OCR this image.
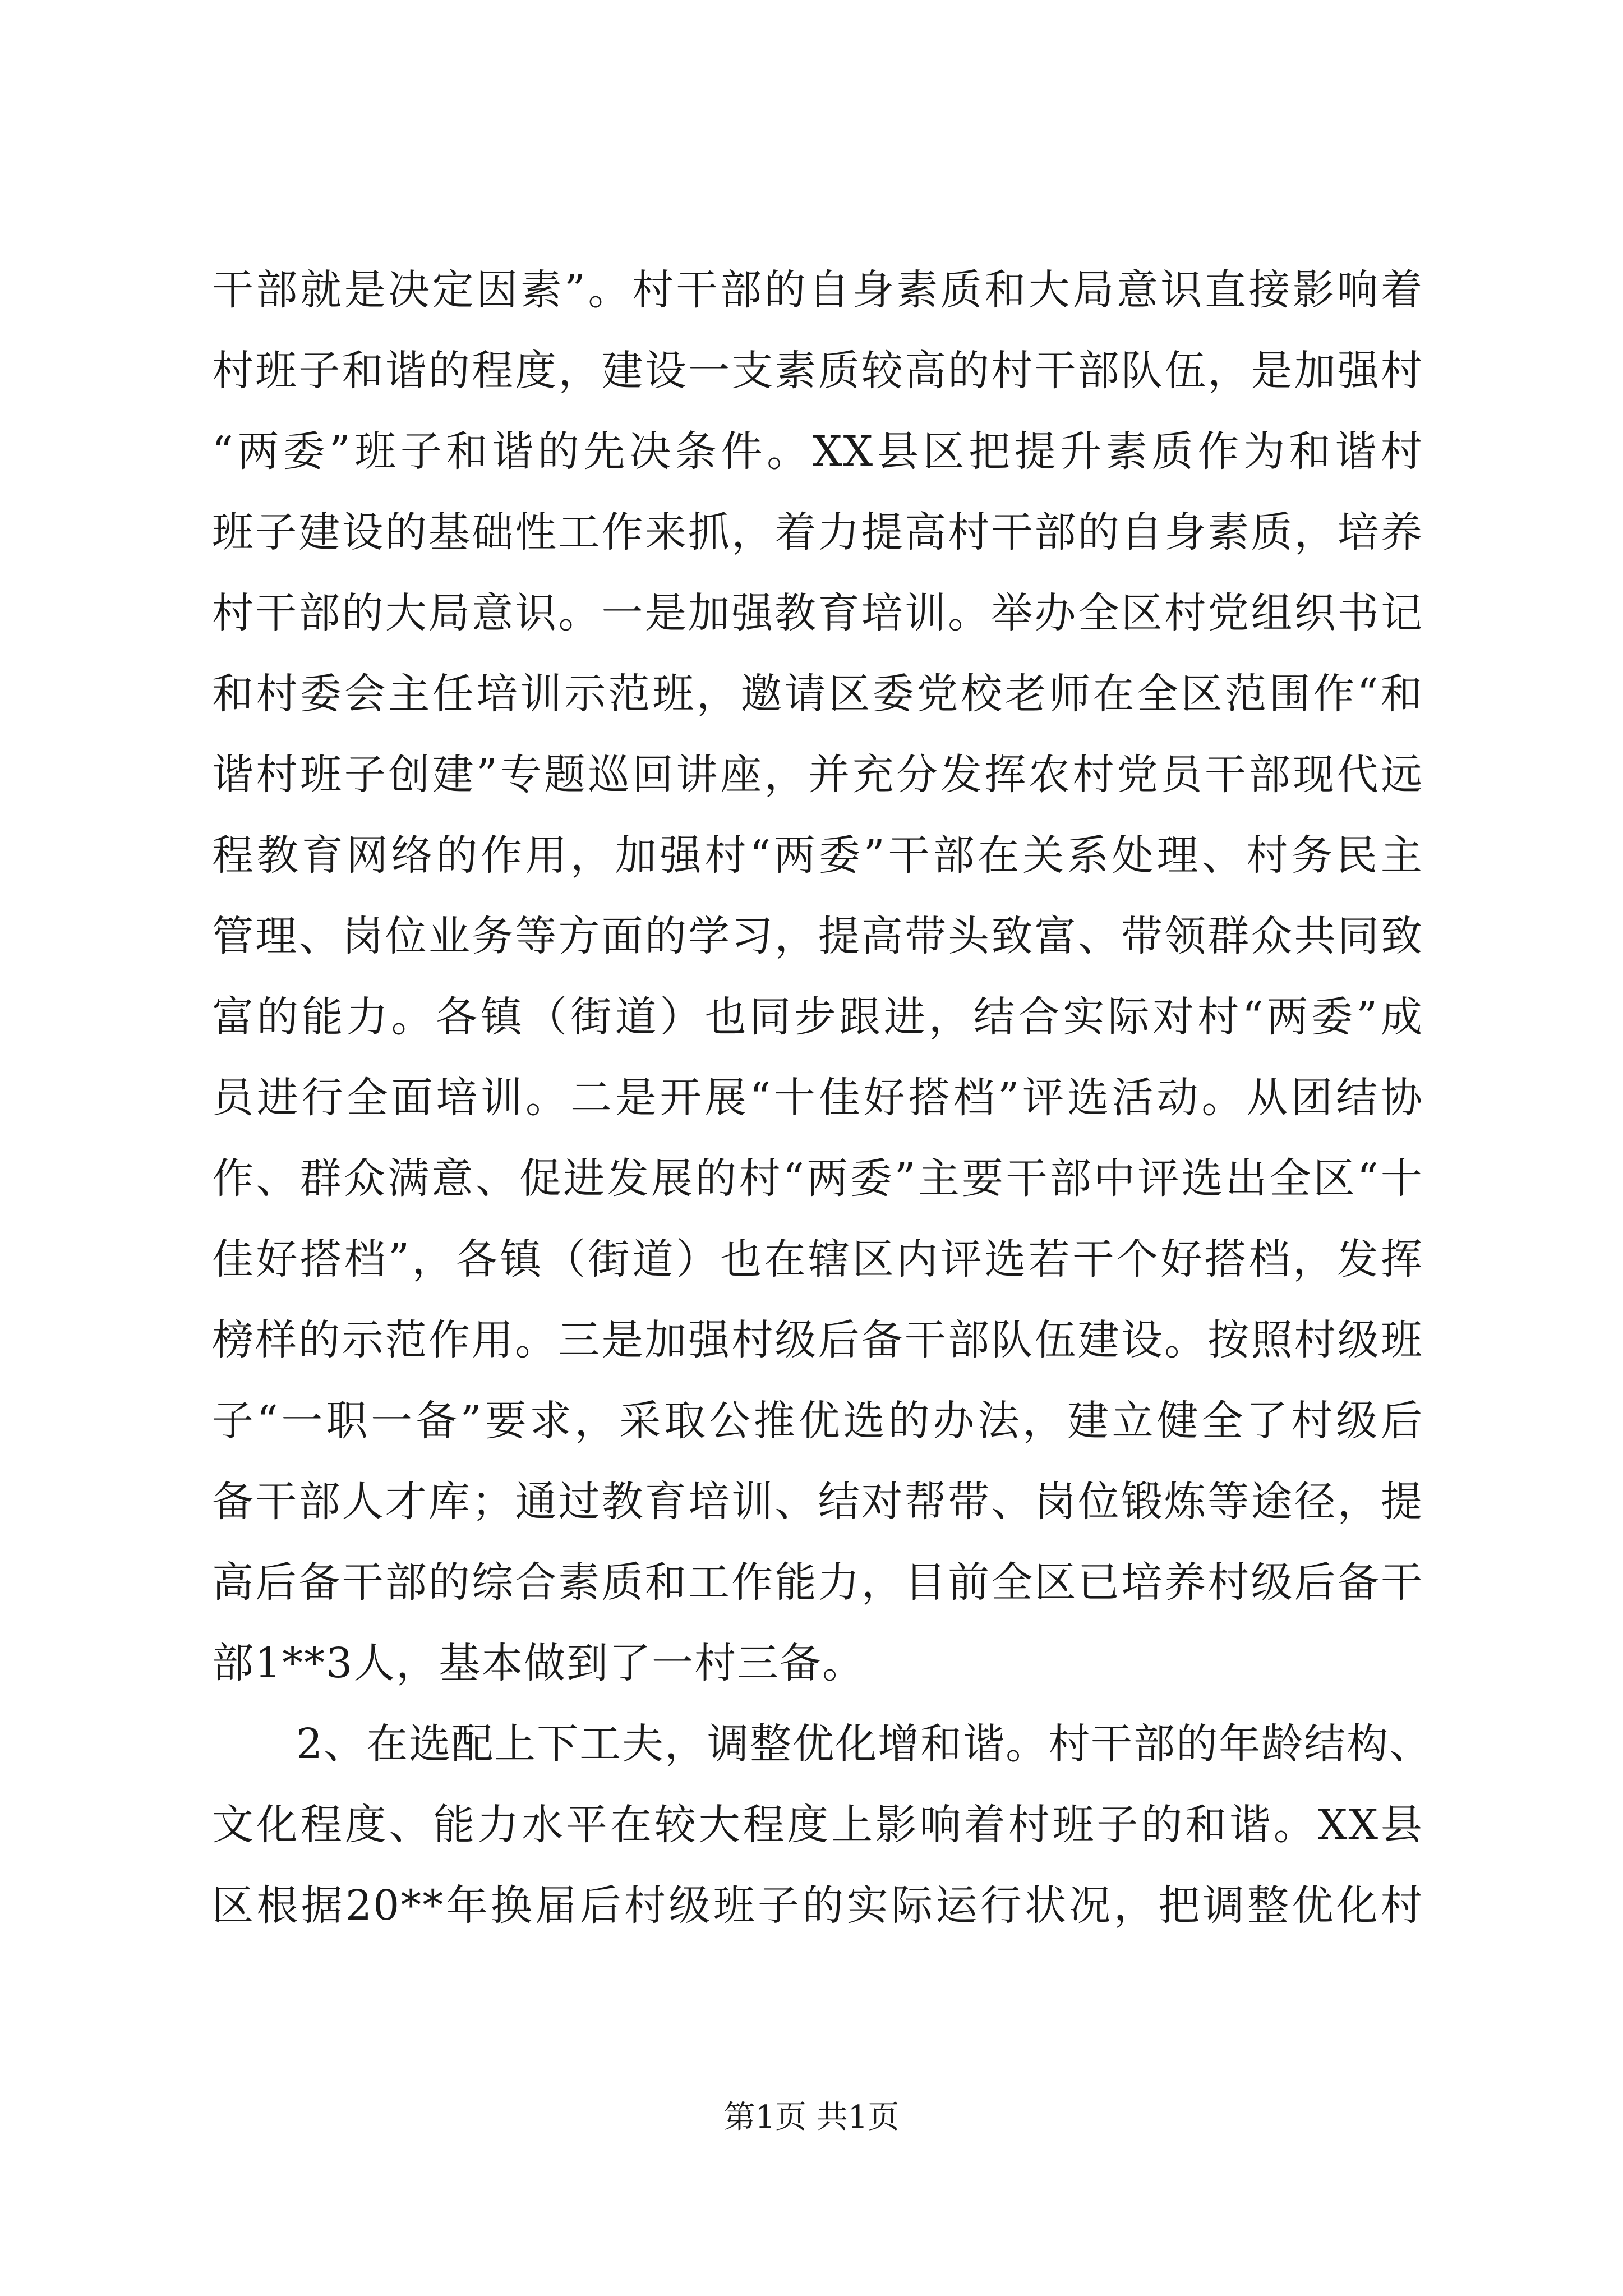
干部就是决定因素”。村干部的自身素质和大局意识直接影响着
村班子和谐的程度，建设一支素质较高的村干部队伍，是加强村
“两委”班子和谐的先决条件。XX县区把提升素质作为和谐村
班子建设的基础性工作来抓，着力提高村干部的自身素质，培养
村干部的大局意识。一是加强教育培训。举办全区村党组织书记
和村委会主任培训示范班，邀请区委党校老师在全区范围作“和
谐村班子创建”专题巡回讲座，并充分发挥农村党员干部现代远
程教育网络的作用，加强村“两委”干部在关系处理、村务民主
管理、岗位业务等方面的学习，提高带头致富、带领群众共同致
富的能力。各镇（街道）也同步跟进，结合实际对村“两委”成
员进行全面培训。二是开展“十佳好搭档”评选活动。从团结协
作、群众满意、促进发展的村“两委”主要干部中评选出全区“十
佳好搭档”，各镇（街道）也在辖区内评选若干个好搭档，发挥
榜样的示范作用。三是加强村级后备干部队伍建设。按照村级班
子“一职一备”要求，采取公推优选的办法，建立健全了村级后
备干部人才库；通过教育培训、结对帮带、岗位锻炼等途径，提
高后备干部的综合素质和工作能力，目前全区已培养村级后备干
部1**3人，基本做到了一村三备。
2、在选配上下工夫，调整优化增和谐。村干部的年龄结构、
文化程度、能力水平在较大程度上影响着村班子的和谐。XX县
区根据20**年换届后村级班子的实际运行状况，把调整优化村
第1页 共1页
